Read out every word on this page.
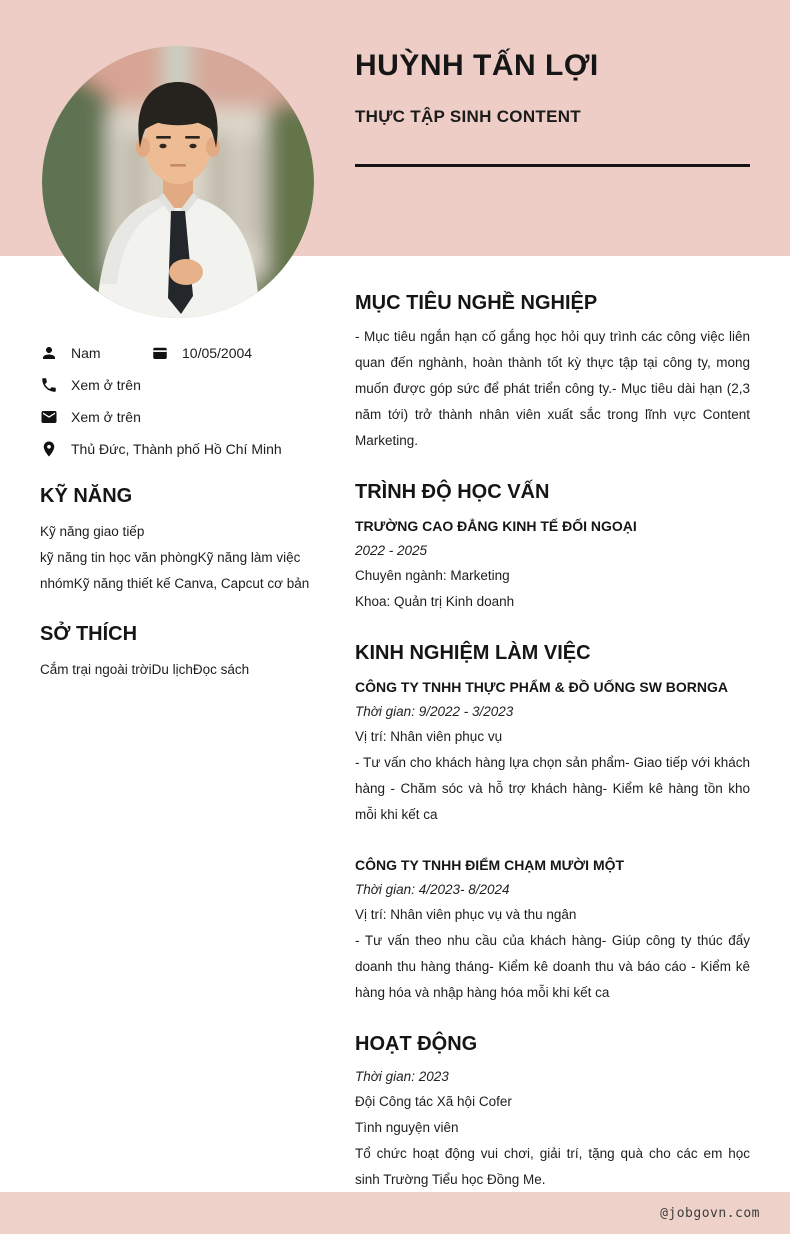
@jobgovn.com
HUỲNH TẤN LỢI
THỰC TẬP SINH CONTENT
Nam	10/05/2004
Xem ở trên
Xem ở trên
Thủ Đức, Thành phố Hồ Chí Minh
KỸ NĂNG
Kỹ năng giao tiếp
kỹ năng tin học văn phòngKỹ năng làm việc nhómKỹ năng thiết kế Canva, Capcut cơ bản
SỞ THÍCH
Cắm trại ngoài trờiDu lịchĐọc sách
MỤC TIÊU NGHỀ NGHIỆP
- Mục tiêu ngắn hạn cố gắng học hỏi quy trình các công việc liên quan đến nghành, hoàn thành tốt kỳ thực tập tại công ty, mong muốn được góp sức để phát triển công ty.- Mục tiêu dài hạn (2,3 năm tới) trở thành nhân viên xuất sắc trong lĩnh vực Content Marketing.
TRÌNH ĐỘ HỌC VẤN
TRƯỜNG CAO ĐẲNG KINH TẾ ĐỐI NGOẠI
2022 - 2025
Chuyên ngành: Marketing
Khoa: Quản trị Kinh doanh
KINH NGHIỆM LÀM VIỆC
CÔNG TY TNHH THỰC PHẨM & ĐỒ UỐNG SW BORNGA
Thời gian: 9/2022 - 3/2023
Vị trí: Nhân viên phục vụ
- Tư vấn cho khách hàng lựa chọn sản phẩm- Giao tiếp với khách hàng - Chăm sóc và hỗ trợ khách hàng- Kiểm kê hàng tồn kho mỗi khi kết ca
CÔNG TY TNHH ĐIỂM CHẠM MƯỜI MỘT
Thời gian: 4/2023- 8/2024
Vị trí: Nhân viên phục vụ và thu ngân
- Tư vấn theo nhu cầu của khách hàng- Giúp công ty thúc đẩy doanh thu hàng tháng- Kiểm kê doanh thu và báo cáo - Kiểm kê hàng hóa và nhập hàng hóa mỗi khi kết ca
HOẠT ĐỘNG
Thời gian: 2023
Đội Công tác Xã hội Cofer
Tình nguyện viên
Tổ chức hoạt động vui chơi, giải trí, tặng quà cho các em học sinh Trường Tiểu học Đồng Me.
